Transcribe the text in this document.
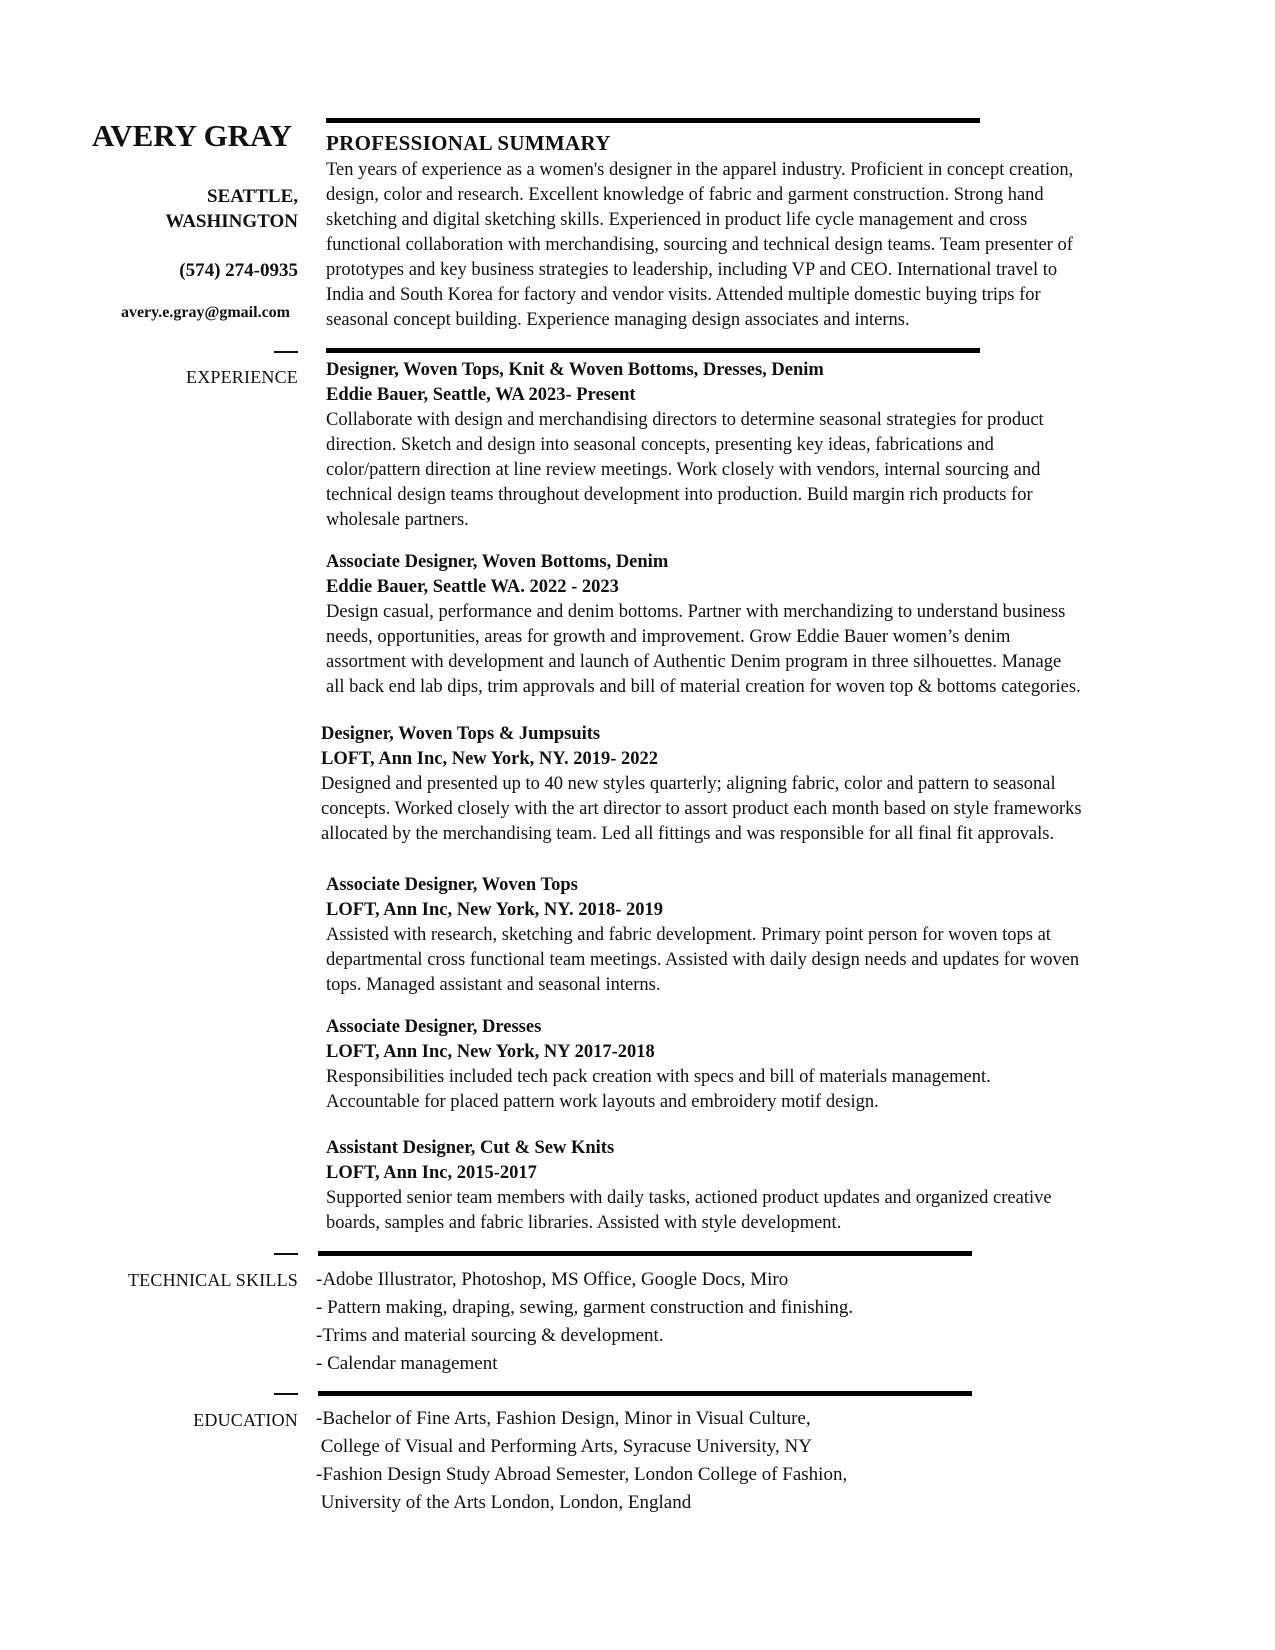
AVERY GRAY
SEATTLE,
WASHINGTON
(574) 274-0935
avery.e.gray@gmail.com
PROFESSIONAL SUMMARY
Ten years of experience as a women's designer in the apparel industry. Proficient in concept creation,
design, color and research. Excellent knowledge of fabric and garment construction. Strong hand
sketching and digital sketching skills. Experienced in product life cycle management and cross
functional collaboration with merchandising, sourcing and technical design teams. Team presenter of
prototypes and key business strategies to leadership, including VP and CEO. International travel to
India and South Korea for factory and vendor visits. Attended multiple domestic buying trips for
seasonal concept building. Experience managing design associates and interns.
EXPERIENCE Designer, Woven Tops, Knit & Woven Bottoms, Dresses, Denim
Eddie Bauer, Seattle, WA 2023- Present
Collaborate with design and merchandising directors to determine seasonal strategies for product
direction. Sketch and design into seasonal concepts, presenting key ideas, fabrications and
color/pattern direction at line review meetings. Work closely with vendors, internal sourcing and
technical design teams throughout development into production. Build margin rich products for
wholesale partners.
Associate Designer, Woven Bottoms, Denim
Eddie Bauer, Seattle WA. 2022 - 2023
Design casual, performance and denim bottoms. Partner with merchandizing to understand business
needs, opportunities, areas for growth and improvement. Grow Eddie Bauer women’s denim
assortment with development and launch of Authentic Denim program in three silhouettes. Manage
all back end lab dips, trim approvals and bill of material creation for woven top & bottoms categories.
Designer, Woven Tops & Jumpsuits
LOFT, Ann Inc, New York, NY. 2019- 2022
Designed and presented up to 40 new styles quarterly; aligning fabric, color and pattern to seasonal
concepts. Worked closely with the art director to assort product each month based on style frameworks
allocated by the merchandising team. Led all fittings and was responsible for all final fit approvals.
Associate Designer, Woven Tops
LOFT, Ann Inc, New York, NY. 2018- 2019
Assisted with research, sketching and fabric development. Primary point person for woven tops at
departmental cross functional team meetings. Assisted with daily design needs and updates for woven
tops. Managed assistant and seasonal interns.
Associate Designer, Dresses
LOFT, Ann Inc, New York, NY 2017-2018
Responsibilities included tech pack creation with specs and bill of materials management.
Accountable for placed pattern work layouts and embroidery motif design.
Assistant Designer, Cut & Sew Knits
LOFT, Ann Inc, 2015-2017
Supported senior team members with daily tasks, actioned product updates and organized creative
boards, samples and fabric libraries. Assisted with style development.
TECHNICAL SKILLS -Adobe Illustrator, Photoshop, MS Office, Google Docs, Miro
- Pattern making, draping, sewing, garment construction and finishing.
-Trims and material sourcing & development.
- Calendar management
EDUCATION -Bachelor of Fine Arts, Fashion Design, Minor in Visual Culture,
College of Visual and Performing Arts, Syracuse University, NY
-Fashion Design Study Abroad Semester, London College of Fashion,
University of the Arts London, London, England
